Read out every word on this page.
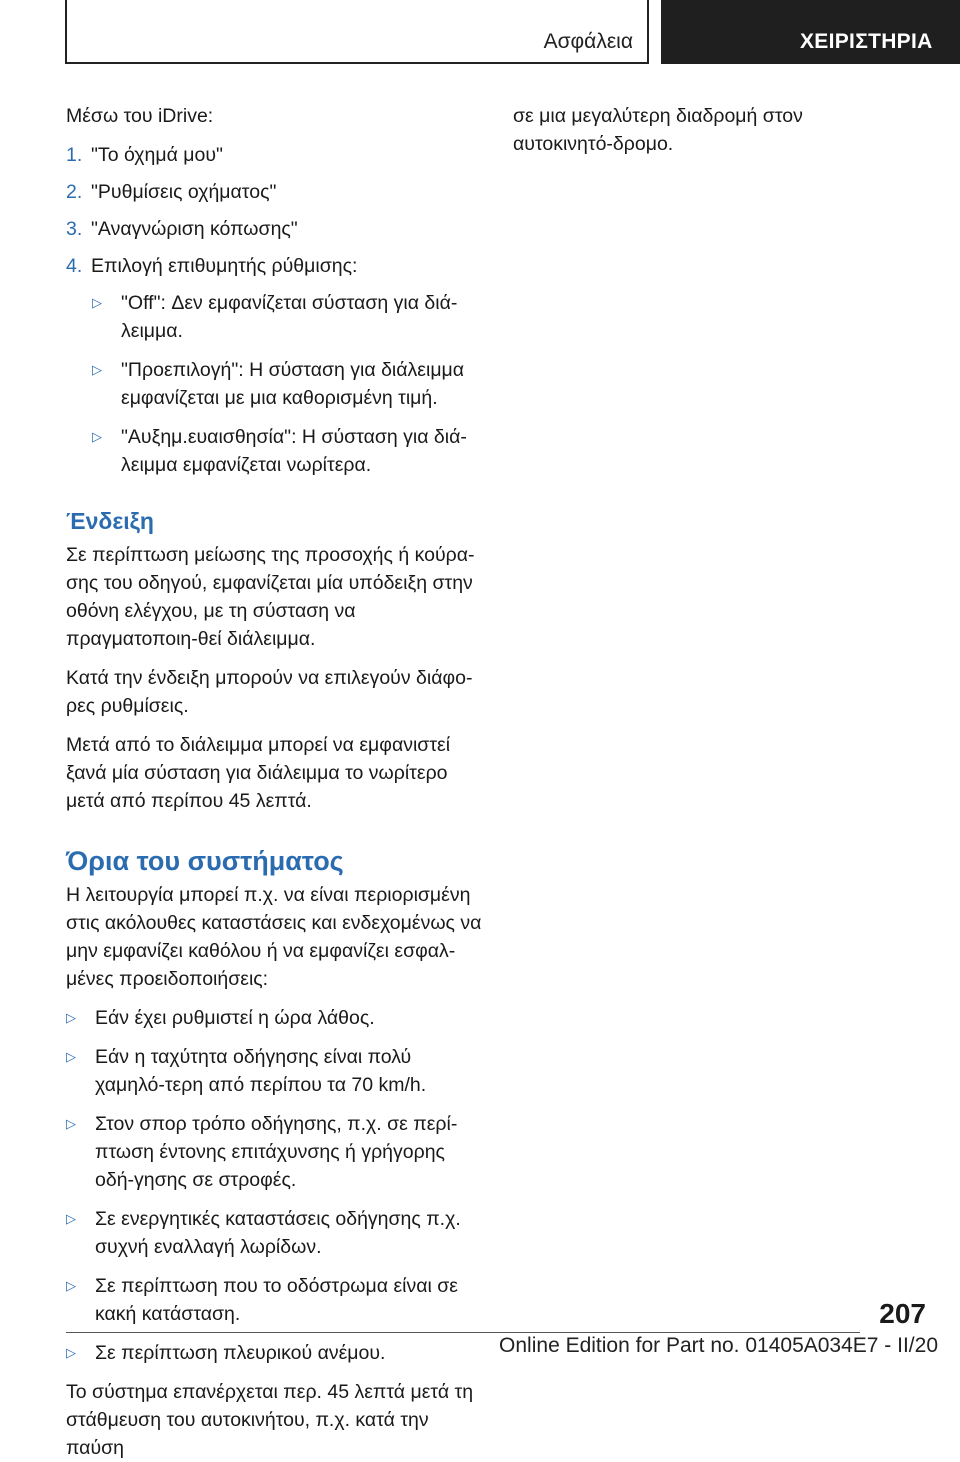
Ασφάλεια	ΧΕΙΡΙΣΤΗΡΙΑ

Μέσω του iDrive:

1. "Το όχημά μου"
2. "Ρυθμίσεις οχήματος"
3. "Αναγνώριση κόπωσης"
4. Επιλογή επιθυμητής ρύθμισης:
▷ "Off": Δεν εμφανίζεται σύσταση για διά-λειμμα.
▷ "Προεπιλογή": Η σύσταση για διάλειμμα εμφανίζεται με μια καθορισμένη τιμή.
▷ "Αυξημ.ευαισθησία": Η σύσταση για διά-λειμμα εμφανίζεται νωρίτερα.
Ένδειξη

Σε περίπτωση μείωσης της προσοχής ή κούρα-σης του οδηγού, εμφανίζεται μία υπόδειξη στην οθόνη ελέγχου, με τη σύσταση να πραγματοποιη-θεί διάλειμμα.

Κατά την ένδειξη μπορούν να επιλεγούν διάφο-ρες ρυθμίσεις.

Μετά από το διάλειμμα μπορεί να εμφανιστεί ξανά μία σύσταση για διάλειμμα το νωρίτερο μετά από περίπου 45 λεπτά.

Όρια του συστήματος

Η λειτουργία μπορεί π.χ. να είναι περιορισμένη στις ακόλουθες καταστάσεις και ενδεχομένως να μην εμφανίζει καθόλου ή να εμφανίζει εσφαλ-μένες προειδοποιήσεις:

▷ Εάν έχει ρυθμιστεί η ώρα λάθος.
▷ Εάν η ταχύτητα οδήγησης είναι πολύ χαμηλό-τερη από περίπου τα 70 km/h.
▷ Στον σπορ τρόπο οδήγησης, π.χ. σε περί-πτωση έντονης επιτάχυνσης ή γρήγορης οδή-γησης σε στροφές.
▷ Σε ενεργητικές καταστάσεις οδήγησης π.χ. συχνή εναλλαγή λωρίδων.
▷ Σε περίπτωση που το οδόστρωμα είναι σε κακή κατάσταση.
▷ Σε περίπτωση πλευρικού ανέμου.

Το σύστημα επανέρχεται περ. 45 λεπτά μετά τη στάθμευση του αυτοκινήτου, π.χ. κατά την παύση

σε μια μεγαλύτερη διαδρομή στον αυτοκινητό-δρομο.

207
Online Edition for Part no. 01405A034E7 - II/20
